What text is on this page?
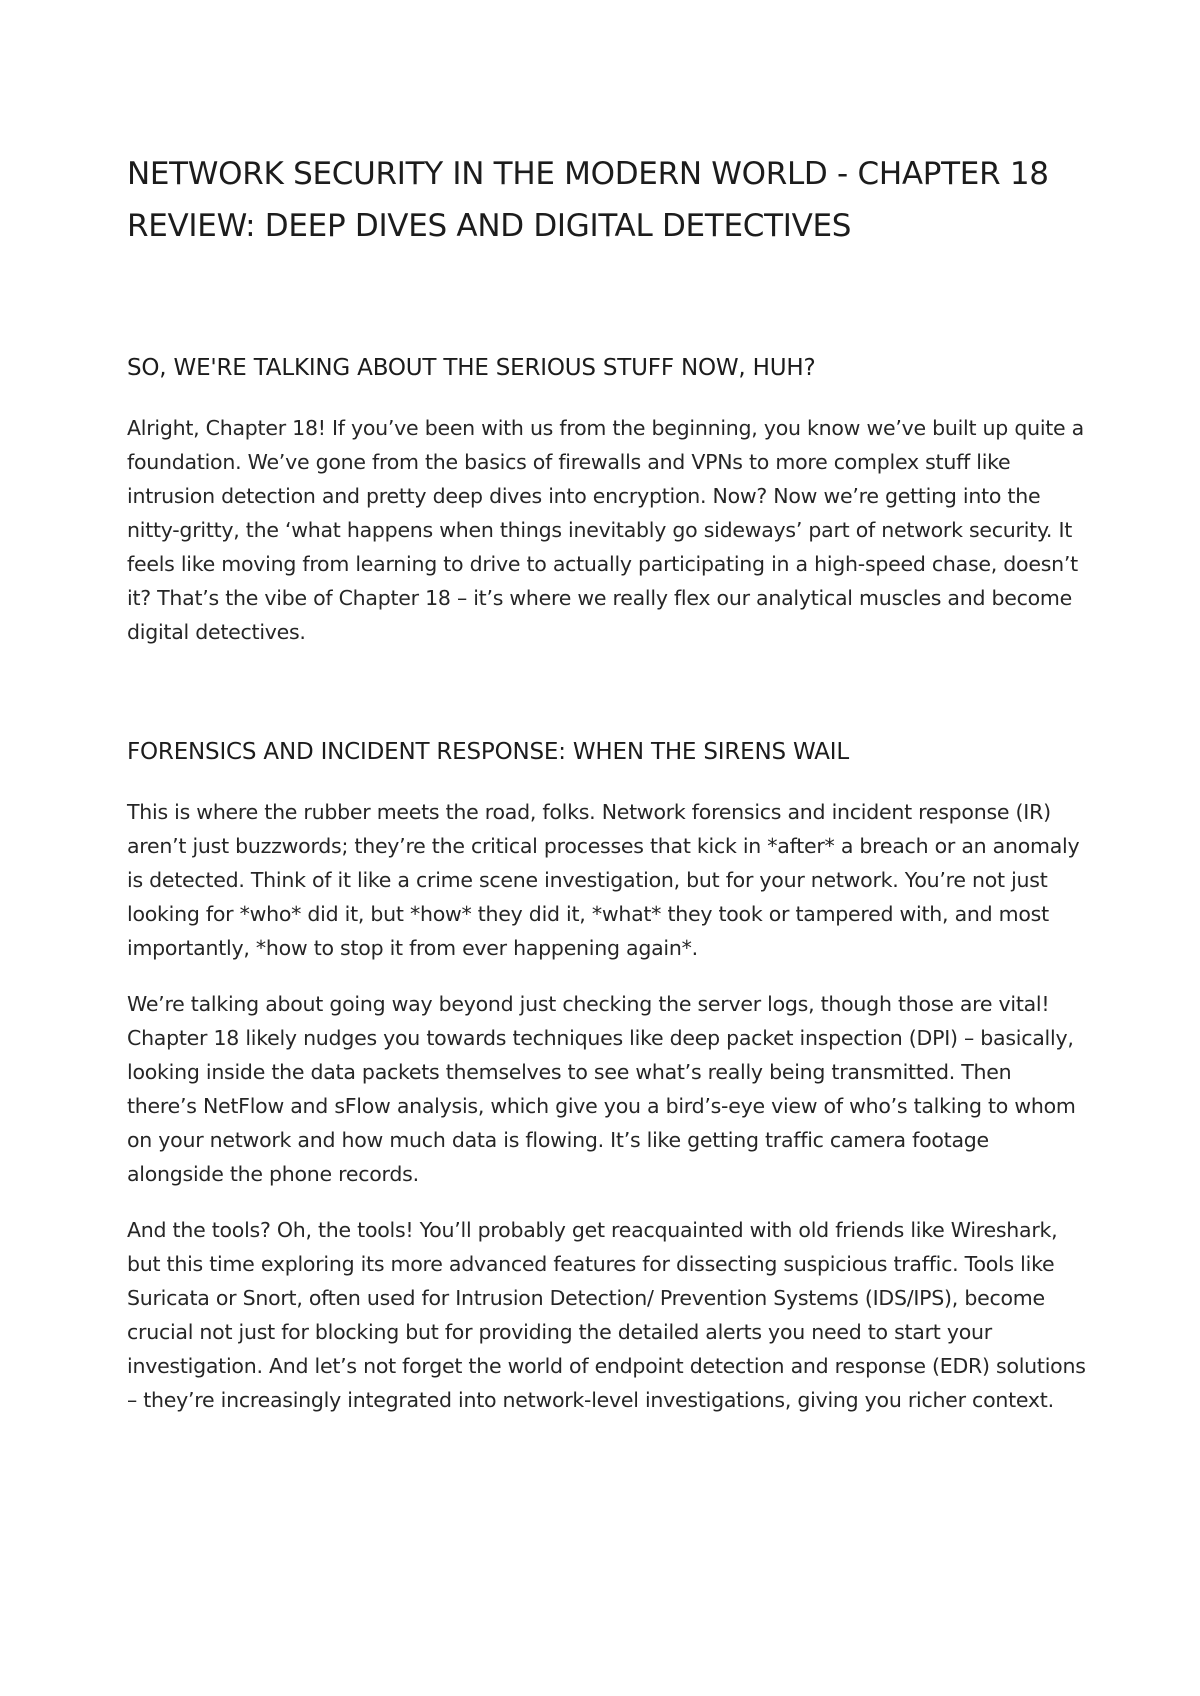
NETWORK SECURITY IN THE MODERN WORLD - CHAPTER 18 REVIEW: DEEP DIVES AND DIGITAL DETECTIVES
SO, WE'RE TALKING ABOUT THE SERIOUS STUFF NOW, HUH?

Alright, Chapter 18! If you’ve been with us from the beginning, you know we’ve built up quite a foundation. We’ve gone from the basics of firewalls and VPNs to more complex stuff like intrusion detection and pretty deep dives into encryption. Now? Now we’re getting into the nitty-gritty, the ‘what happens when things inevitably go sideways’ part of network security. It feels like moving from learning to drive to actually participating in a high-speed chase, doesn’t it? That’s the vibe of Chapter 18 – it’s where we really flex our analytical muscles and become digital detectives.

FORENSICS AND INCIDENT RESPONSE: WHEN THE SIRENS WAIL

This is where the rubber meets the road, folks. Network forensics and incident response (IR) aren’t just buzzwords; they’re the critical processes that kick in *after* a breach or an anomaly is detected. Think of it like a crime scene investigation, but for your network. You’re not just looking for *who* did it, but *how* they did it, *what* they took or tampered with, and most importantly, *how to stop it from ever happening again*.

We’re talking about going way beyond just checking the server logs, though those are vital! Chapter 18 likely nudges you towards techniques like deep packet inspection (DPI) – basically, looking inside the data packets themselves to see what’s really being transmitted. Then there’s NetFlow and sFlow analysis, which give you a bird’s-eye view of who’s talking to whom on your network and how much data is flowing. It’s like getting traffic camera footage alongside the phone records.

And the tools? Oh, the tools! You’ll probably get reacquainted with old friends like Wireshark, but this time exploring its more advanced features for dissecting suspicious traffic. Tools like Suricata or Snort, often used for Intrusion Detection/ Prevention Systems (IDS/IPS), become crucial not just for blocking but for providing the detailed alerts you need to start your investigation. And let’s not forget the world of endpoint detection and response (EDR) solutions – they’re increasingly integrated into network-level investigations, giving you richer context.
